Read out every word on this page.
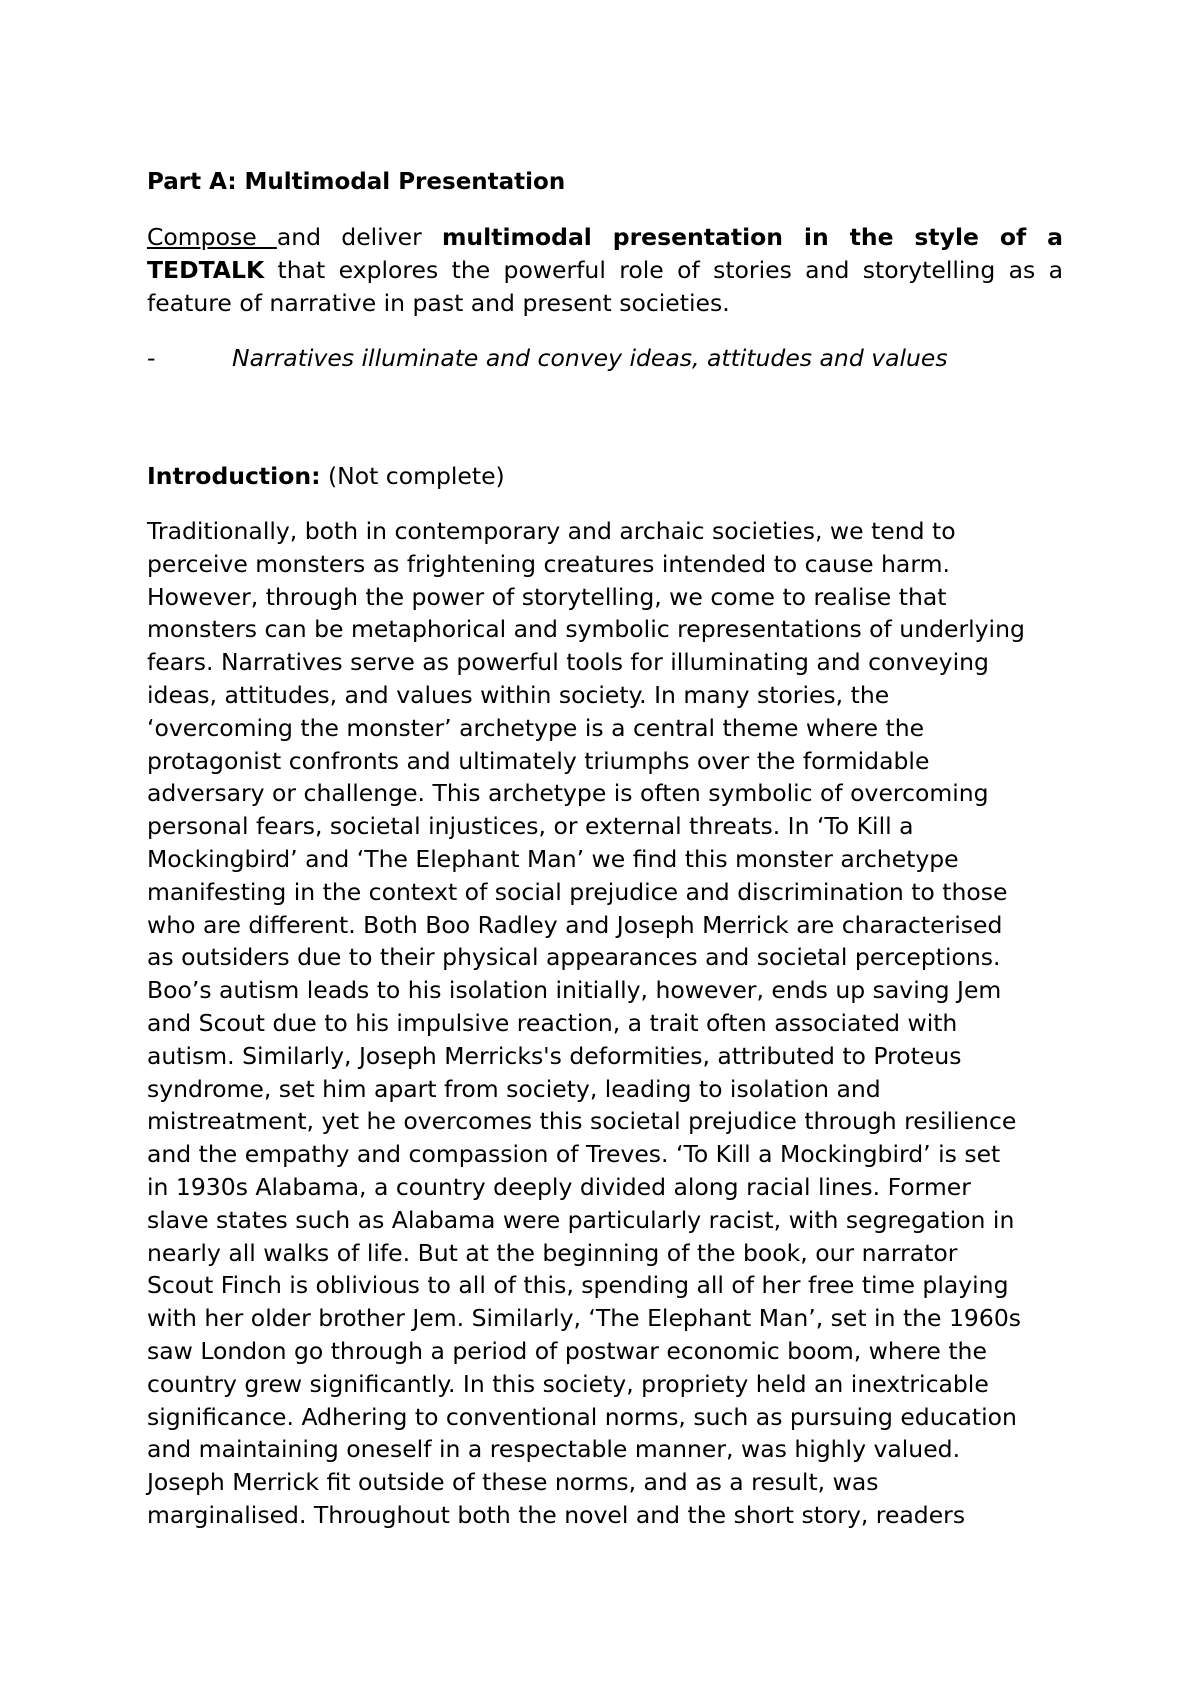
Part A: Multimodal Presentation

Compose and deliver multimodal presentation in the style of a TEDTALK that explores the powerful role of stories and storytelling as a feature of narrative in past and present societies.

-	Narratives illuminate and convey ideas, attitudes and values

Introduction: (Not complete)

Traditionally, both in contemporary and archaic societies, we tend to
perceive monsters as frightening creatures intended to cause harm.
However, through the power of storytelling, we come to realise that
monsters can be metaphorical and symbolic representations of underlying
fears. Narratives serve as powerful tools for illuminating and conveying
ideas, attitudes, and values within society. In many stories, the
‘overcoming the monster’ archetype is a central theme where the
protagonist confronts and ultimately triumphs over the formidable
adversary or challenge. This archetype is often symbolic of overcoming
personal fears, societal injustices, or external threats. In ‘To Kill a
Mockingbird’ and ‘The Elephant Man’ we find this monster archetype
manifesting in the context of social prejudice and discrimination to those
who are different. Both Boo Radley and Joseph Merrick are characterised
as outsiders due to their physical appearances and societal perceptions.
Boo’s autism leads to his isolation initially, however, ends up saving Jem
and Scout due to his impulsive reaction, a trait often associated with
autism. Similarly, Joseph Merricks's deformities, attributed to Proteus
syndrome, set him apart from society, leading to isolation and
mistreatment, yet he overcomes this societal prejudice through resilience
and the empathy and compassion of Treves. ‘To Kill a Mockingbird’ is set
in 1930s Alabama, a country deeply divided along racial lines. Former
slave states such as Alabama were particularly racist, with segregation in
nearly all walks of life. But at the beginning of the book, our narrator
Scout Finch is oblivious to all of this, spending all of her free time playing
with her older brother Jem. Similarly, ‘The Elephant Man’, set in the 1960s
saw London go through a period of postwar economic boom, where the
country grew significantly. In this society, propriety held an inextricable
significance. Adhering to conventional norms, such as pursuing education
and maintaining oneself in a respectable manner, was highly valued.
Joseph Merrick fit outside of these norms, and as a result, was
marginalised. Throughout both the novel and the short story, readers
